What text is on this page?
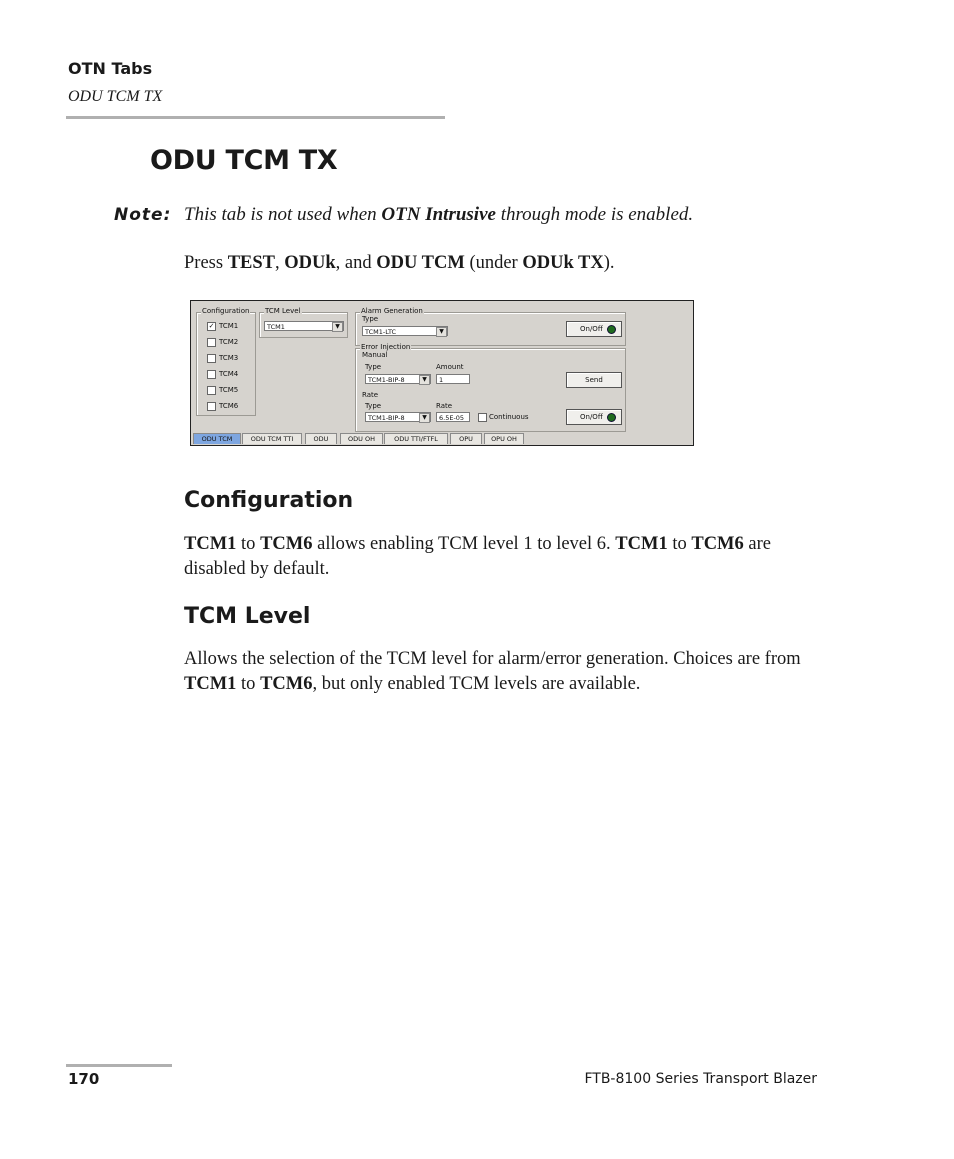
OTN Tabs
ODU TCM TX
ODU TCM TX
Note: This tab is not used when OTN Intrusive through mode is enabled.
Press TEST, ODUk, and ODU TCM (under ODUk TX).
Configuration
✓ TCM1
TCM2
TCM3
TCM4
TCM5
TCM6
TCM Level
TCM1	▼
Alarm Generation
Type
TCM1-LTC	▼	On/Off
Error Injection
Manual
Type
TCM1-BIP-8	▼
Amount
1	Send
Rate
Type
TCM1-BIP-8	▼
Rate
6.5E-05	Continuous	On/Off
ODU TCM	ODU TCM TTI	ODU	ODU OH	ODU TTI/FTFL	OPU	OPU OH
Configuration
TCM1 to TCM6 allows enabling TCM level 1 to level 6. TCM1 to TCM6 are disabled by default.
TCM Level
Allows the selection of the TCM level for alarm/error generation. Choices are from TCM1 to TCM6, but only enabled TCM levels are available.
170	FTB-8100 Series Transport Blazer
